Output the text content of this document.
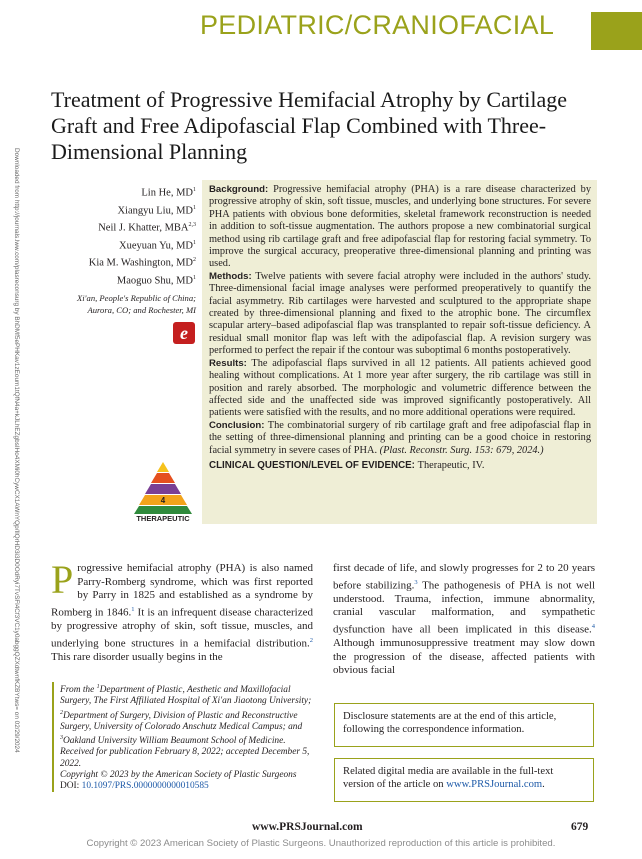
PEDIATRIC/CRANIOFACIAL
Treatment of Progressive Hemifacial Atrophy by Cartilage Graft and Free Adipofascial Flap Combined with Three-Dimensional Planning
Downloaded from http://journals.lww.com/plasreconsurg by BhDMf5ePHKav1zEoum1tQfN4a+kJLhEZgbsIHo4XMi0hCywCX1AWnYQp/IlQrHD3i3D0OdRyi7TvSFl4Cf3VC1y0abggQZXdtwnfKZBYtws= on 02/29/2024	Lin He, $MD^1$
Xiangyu Liu, $MD^1$
Neil J. Khatter, MBA$^{2,3}$
Xueyuan Yu, $MD^1$
Kia M. Washington, $MD^2$
Maoguo Shu, $MD^1$
Xi'an, People's Republic of China;
Aurora, CO; and Rochester, MI
e
4
THERAPEUTIC
Background: Progressive hemifacial atrophy (PHA) is a rare disease characterized by progressive atrophy of skin, soft tissue, muscles, and underlying bone structures. For severe PHA patients with obvious bone deformities, skeletal framework reconstruction is needed in addition to soft-tissue augmentation. The authors propose a new combinatorial surgical method using rib cartilage graft and free adipofascial flap for restoring facial symmetry. To improve the surgical accuracy, preoperative three-dimensional planning and printing was used.
Methods: Twelve patients with severe facial atrophy were included in the authors' study. Three-dimensional facial image analyses were performed preoperatively to quantify the facial asymmetry. Rib cartilages were harvested and sculptured to the appropriate shape created by three-dimensional planning and fixed to the atrophic bone. The circumflex scapular artery–based adipofascial flap was transplanted to repair soft-tissue deficiency. A residual small monitor flap was left with the adipofascial flap. A revision surgery was performed to perfect the repair if the contour was suboptimal 6 months postoperatively.
Results: The adipofascial flaps survived in all 12 patients. All patients achieved good healing without complications. At 1 more year after surgery, the rib cartilage was still in position and rarely absorbed. The morphologic and volumetric difference between the affected side and the unaffected side was improved significantly postoperatively. All patients were satisfied with the results, and no more additional operations were required.
Conclusion: The combinatorial surgery of rib cartilage graft and free adipofascial flap in the setting of three-dimensional planning and printing can be a good choice in restoring facial symmetry in severe cases of PHA. (Plast. Reconstr. Surg. 153: 679, 2024.)
CLINICAL QUESTION/LEVEL OF EVIDENCE: Therapeutic, IV.
Progressive hemifacial atrophy (PHA) is also named Parry-Romberg syndrome, which was first reported by Parry in 1825 and established as a syndrome by Romberg in 1846.$^1$ It is an infrequent disease characterized by progressive atrophy of skin, soft tissue, muscles, and underlying bone structures in a hemifacial distribution.$^2$ This rare disorder usually begins in the
first decade of life, and slowly progresses for 2 to 20 years before stabilizing.$^3$ The pathogenesis of PHA is not well understood. Trauma, infection, immune abnormality, cranial vascular malformation, and sympathetic dysfunction have all been implicated in this disease.$^4$ Although immunosuppressive treatment may slow down the progression of the disease, affected patients with obvious facial
From the $^1$Department of Plastic, Aesthetic and Maxillofacial Surgery, The First Affiliated Hospital of Xi'an Jiaotong University; $^2$Department of Surgery, Division of Plastic and Reconstructive Surgery, University of Colorado Anschutz Medical Campus; and $^3$Oakland University William Beaumont School of Medicine.
Received for publication February 8, 2022; accepted December 5, 2022.
Copyright © 2023 by the American Society of Plastic Surgeons
DOI: 10.1097/PRS.0000000000010585
Disclosure statements are at the end of this article, following the correspondence information.
Related digital media are available in the full-text version of the article on www.PRSJournal.com.
www.PRSJournal.com	679
Copyright © 2023 American Society of Plastic Surgeons. Unauthorized reproduction of this article is prohibited.
